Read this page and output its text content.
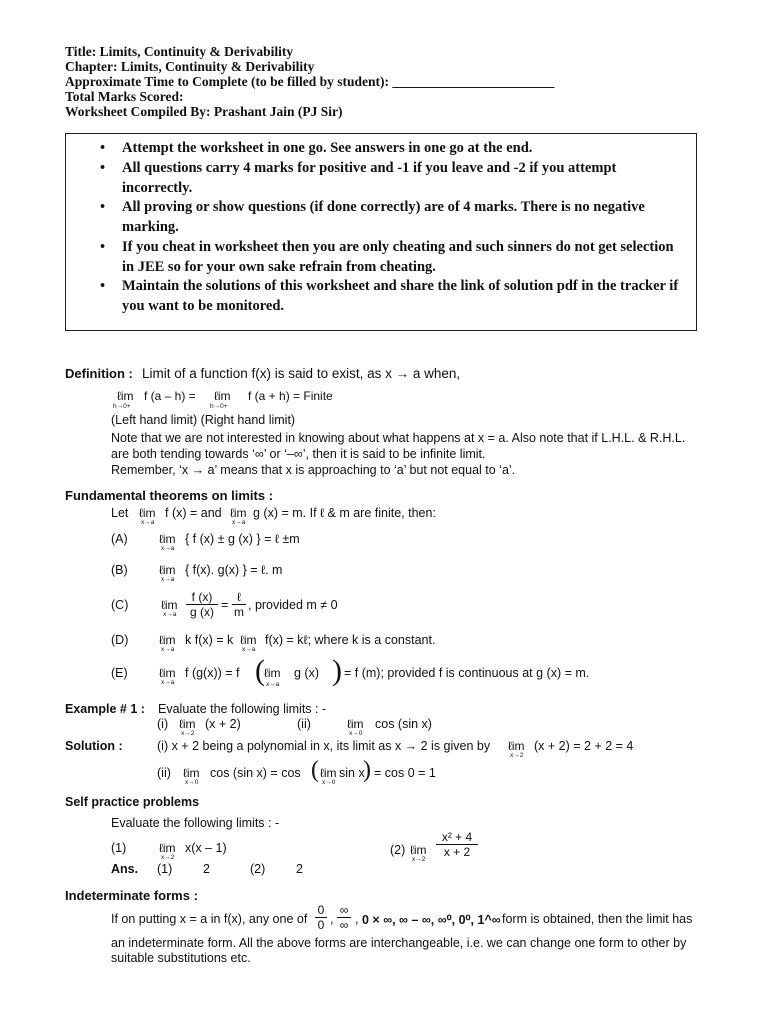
Title: Limits, Continuity & Derivability
Chapter: Limits, Continuity & Derivability
Approximate Time to Complete (to be filled by student): ________________________
Total Marks Scored:
Worksheet Compiled By: Prashant Jain (PJ Sir)
• Attempt the worksheet in one go. See answers in one go at the end.
• All questions carry 4 marks for positive and -1 if you leave and -2 if you attempt incorrectly.
• All proving or show questions (if done correctly) are of 4 marks. There is no negative marking.
• If you cheat in worksheet then you are only cheating and such sinners do not get selection in JEE so for your own sake refrain from cheating.
• Maintain the solutions of this worksheet and share the link of solution pdf in the tracker if you want to be monitored.
Definition : Limit of a function f(x) is said to exist, as x → a when,
ℓim
h→0+
f (a – h) = ℓim
h→0+
f (a + h) = Finite
(Left hand limit) (Right hand limit)
Note that we are not interested in knowing about what happens at x = a. Also note that if L.H.L. & R.H.L.
are both tending towards ‘∞’ or ‘–∞’, then it is said to be infinite limit.
Remember, ‘x → a’ means that x is approaching to ‘a’ but not equal to ‘a’.
Fundamental theorems on limits :
Let ℓim
x→a
f (x) = and ℓim
x→a
g (x) = m. If ℓ & m are finite, then:
(A)	ℓim
x→a
{ f (x) ± g (x) } = ℓ ±m
(B)	ℓim
x→a
{ f(x). g(x) } = ℓ. m
(C)	ℓim
$x\to a \frac{f (x)}{g (x)}$ =
ℓ
m , provided m ≠ 0
(D)	ℓim
x→a
k f(x) = k ℓim
x→a
f(x) = kℓ; where k is a constant.
(E)	ℓim
x→a
f (g(x)) = f ( ℓim
x→a
g (x) ) = f (m); provided f is continuous at g (x) = m.
Example # 1 : Evaluate the following limits : -
(i) ℓim
x→2
(x + 2)	(ii)	ℓim
x→0
cos (sin x)
Solution :	(i) x + 2 being a polynomial in x, its limit as x → 2 is given by ℓim
x→2
(x + 2) = 2 + 2 = 4
(ii) ℓim
x→0
cos (sin x) = cos ( ℓim
x→0
sin x
) = cos 0 = 1
Self practice problems
Evaluate the following limits : -
(1)	ℓim
x→2
x(x – 1)	(2) ℓim
x→2
$\frac{\text{x² + 4}}{x + 2}$
Ans. (1) 2	(2) 2
Indeterminate forms :
If on putting x = a in f(x), any one of $\frac{0}{0}$ ,
∞
∞ , 0 × ∞, ∞ – ∞, ∞⁰, 0⁰, 1^∞ form is obtained, then the limit has
an indeterminate form. All the above forms are interchangeable, i.e. we can change one form to other by
suitable substitutions etc.
